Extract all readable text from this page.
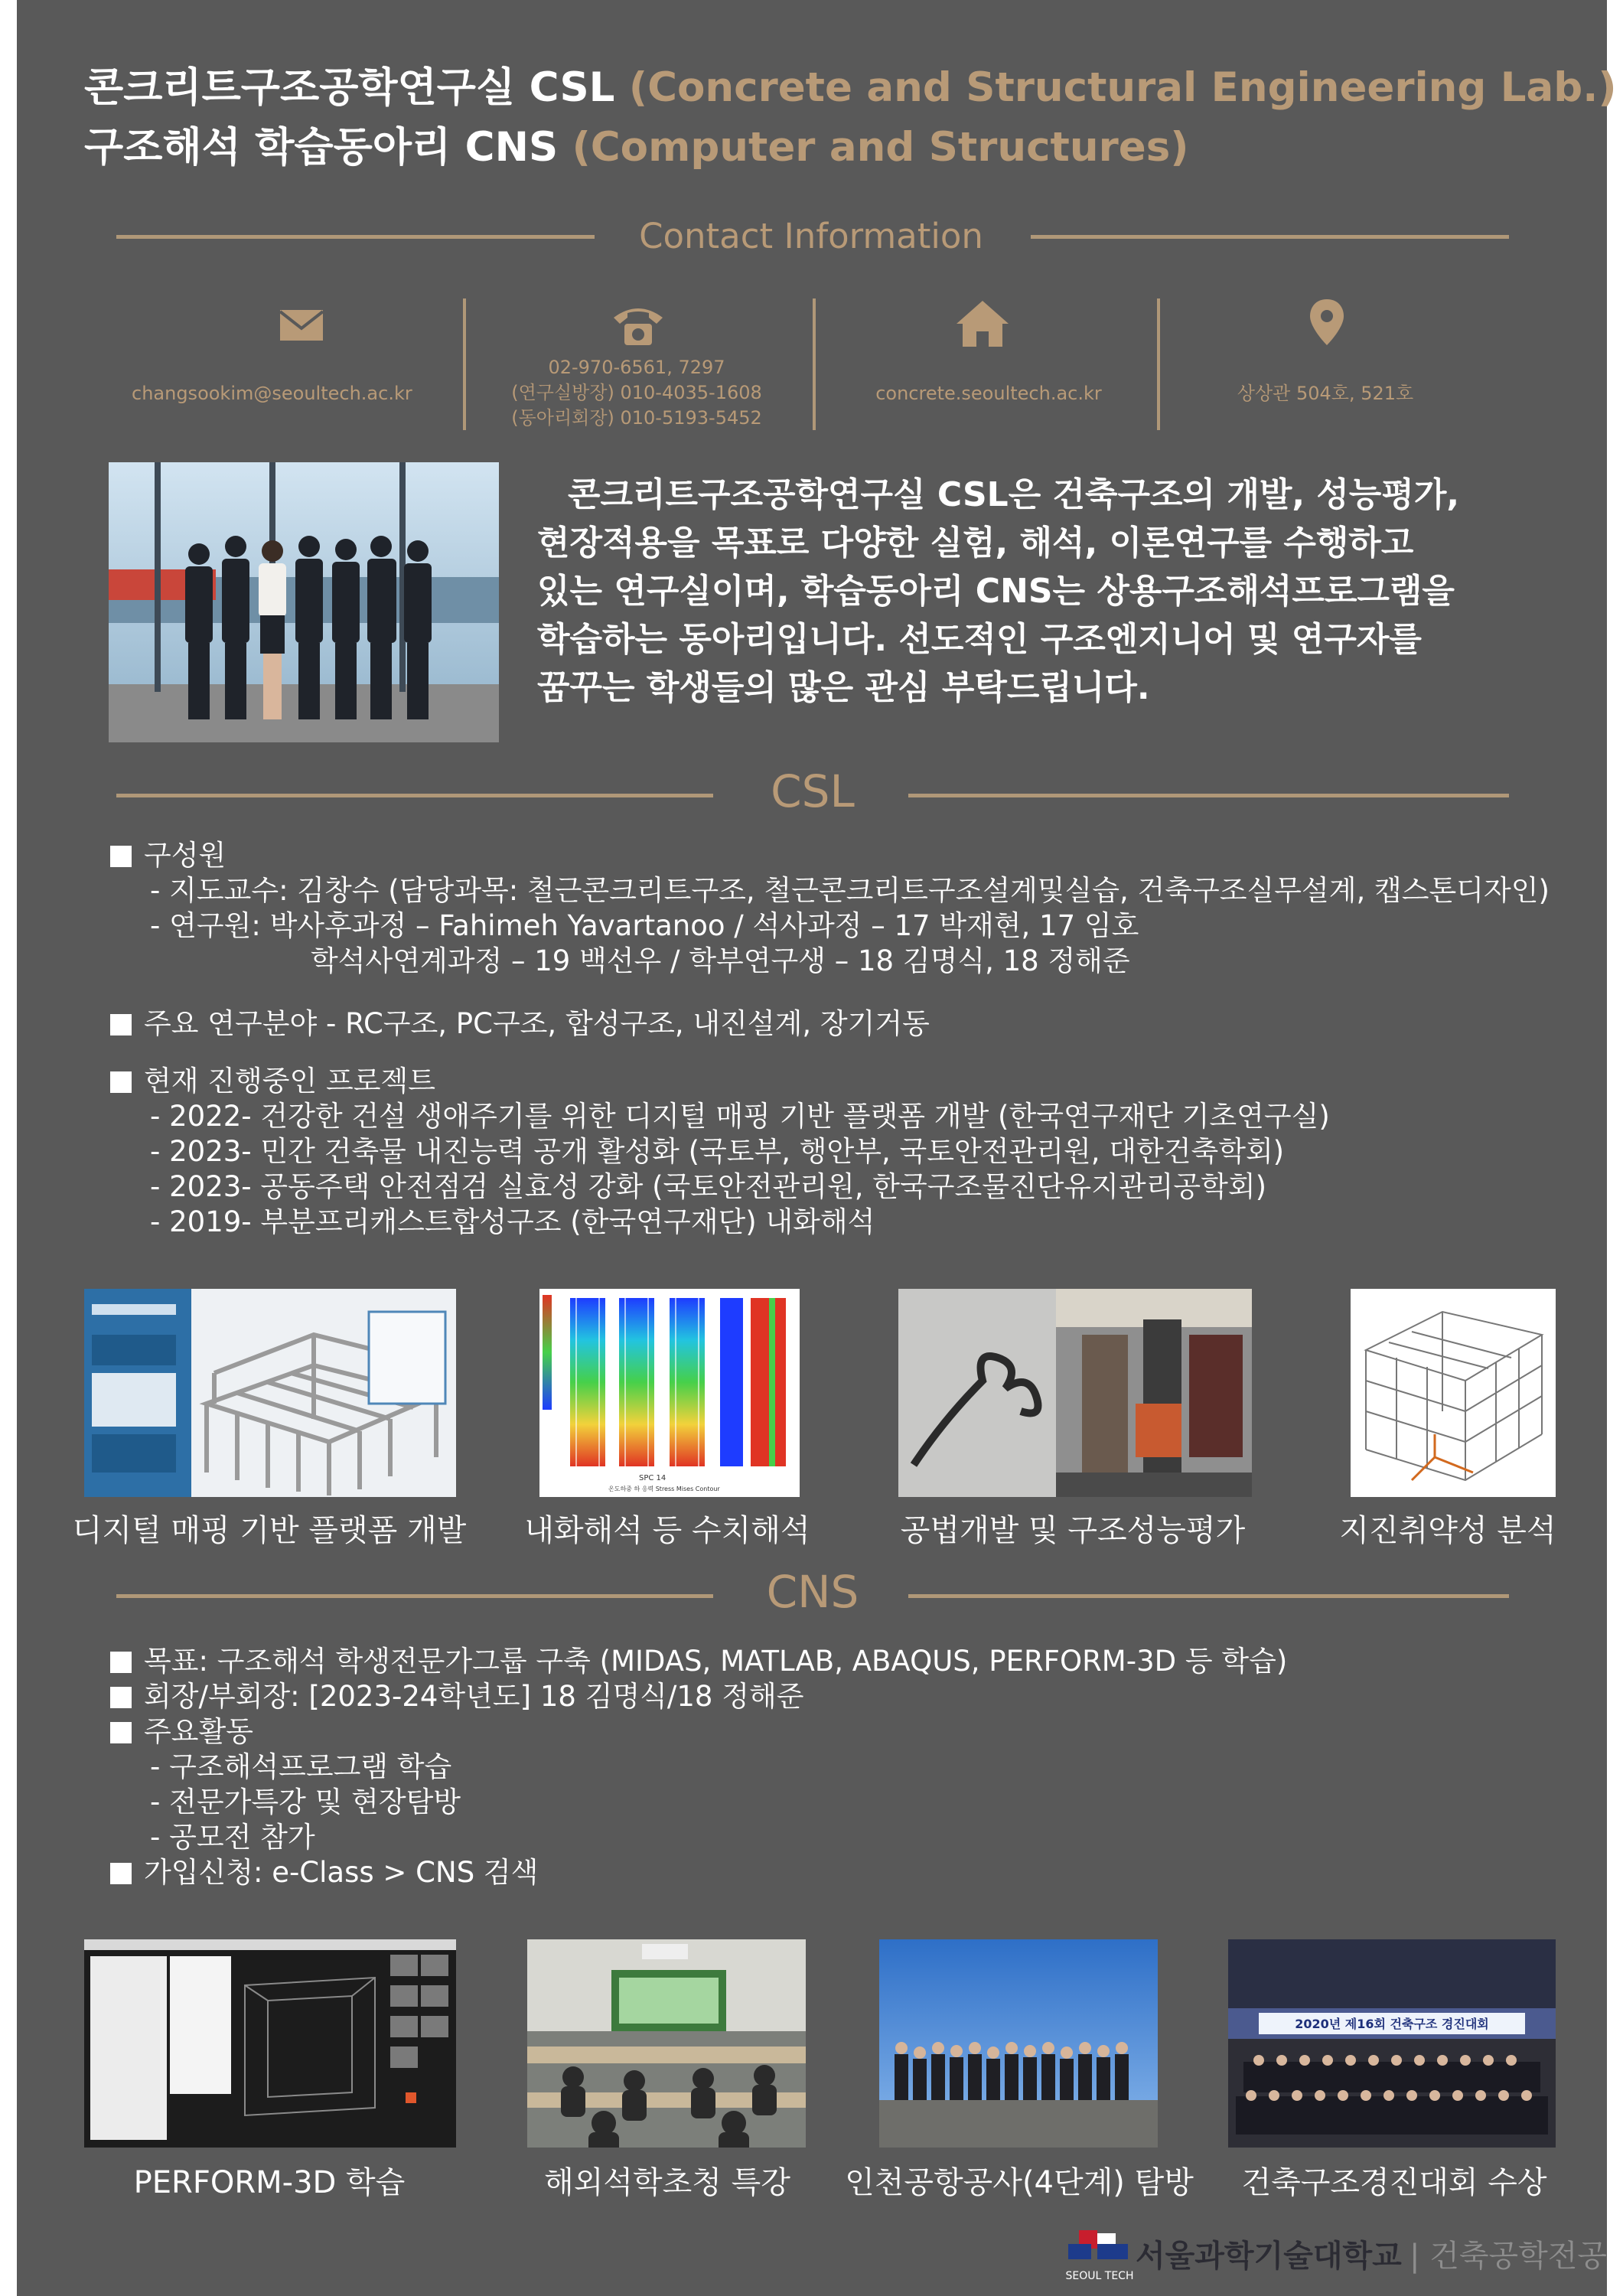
콘크리트구조공학연구실 CSL (Concrete and Structural Engineering Lab.)
구조해석 학습동아리 CNS (Computer and Structures)
Contact Information
changsookim@seoultech.ac.kr
02-970-6561, 7297
(연구실방장) 010-4035-1608
(동아리회장) 010-5193-5452
concrete.seoultech.ac.kr	상상관 504호, 521호
콘크리트구조공학연구실 CSL은 건축구조의 개발, 성능평가,
현장적용을 목표로 다양한 실험, 해석, 이론연구를 수행하고
있는 연구실이며, 학습동아리 CNS는 상용구조해석프로그램을
학습하는 동아리입니다. 선도적인 구조엔지니어 및 연구자를
꿈꾸는 학생들의 많은 관심 부탁드립니다.
CSL
구성원
- 지도교수: 김창수 (담당과목: 철근콘크리트구조, 철근콘크리트구조설계및실습, 건축구조실무설계, 캡스톤디자인)
- 연구원: 박사후과정 – Fahimeh Yavartanoo / 석사과정 – 17 박재현, 17 임호
학석사연계과정 – 19 백선우 / 학부연구생 – 18 김명식, 18 정해준
주요 연구분야 - RC구조, PC구조, 합성구조, 내진설계, 장기거동
현재 진행중인 프로젝트
- 2022- 건강한 건설 생애주기를 위한 디지털 매핑 기반 플랫폼 개발 (한국연구재단 기초연구실)
- 2023- 민간 건축물 내진능력 공개 활성화 (국토부, 행안부, 국토안전관리원, 대한건축학회)
- 2023- 공동주택 안전점검 실효성 강화 (국토안전관리원, 한국구조물진단유지관리공학회)
- 2019- 부분프리캐스트합성구조 (한국연구재단) 내화해석
SPC 14
온도하중 하 응력 Stress Mises Contour
디지털 매핑 기반 플랫폼 개발	내화해석 등 수치해석	공법개발 및 구조성능평가	지진취약성 분석
CNS
목표: 구조해석 학생전문가그룹 구축 (MIDAS, MATLAB, ABAQUS, PERFORM-3D 등 학습)
회장/부회장: [2023-24학년도] 18 김명식/18 정해준
주요활동
- 구조해석프로그램 학습
- 전문가특강 및 현장탐방
- 공모전 참가
가입신청: e-Class > CNS 검색
2020년 제16회 건축구조 경진대회
PERFORM-3D 학습	해외석학초청 특강	인천공항공사(4단계) 탐방	건축구조경진대회 수상
SEOUL TECH
서울과학기술대학교 | 건축공학전공
